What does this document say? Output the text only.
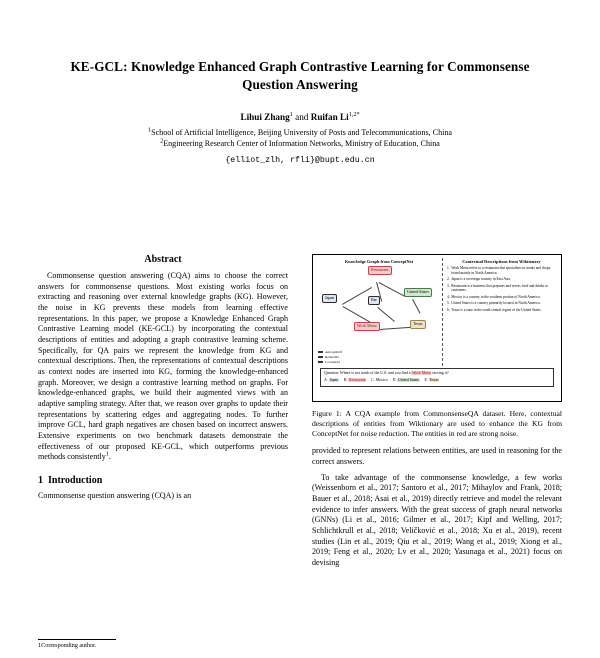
KE-GCL: Knowledge Enhanced Graph Contrastive Learning for Commonsense Question Answering
Lihui Zhang$^1$ and Ruifan $Li^{1,2*}$
$^1$School of Artificial Intelligence, Beijing University of Posts and Telecommunications, China
$^2$Engineering Research Center of Information Networks, Ministry of Education, China
{elliot_zlh, rfli}@bupt.edu.cn
Abstract

Commonsense question answering (CQA) aims to choose the correct answers for commonsense questions. Most existing works focus on extracting and reasoning over external knowledge graphs (KG). However, the noise in KG prevents these models from learning effective representations. In this paper, we propose a Knowledge Enhanced Graph Contrastive Learning model (KE-GCL) by incorporating the contextual descriptions of entities and adopting a graph contrastive learning scheme. Specifically, for QA pairs we represent the knowledge from KG and contextual descriptions. Then, the representations of contextual descriptions as context nodes are inserted into KG, forming the knowledge-enhanced graph. Moreover, we design a contrastive learning method on graphs. For knowledge-enhanced graphs, we build their augmented views with an adaptive sampling strategy. After that, we reason over graphs to update their representations by scattering edges and aggregating nodes. To further improve GCL, hard graph negatives are chosen based on incorrect answers. Extensive experiments on two benchmark datasets demonstrate the effectiveness of our proposed KE-GCL, which outperforms previous methods consistently$^1$.

1 Introduction

Commonsense question answering (CQA) is an

Knowledge Graph from ConceptNet
Restaurant
Japan	Bar
United States
Work Menu	Texas
AntonymOf
RelatedTo
LocatedAt
Contextual Descriptions from Wiktionary
1. Work Menu refers to a restaurant that specializes in steaks and chops, found mainly in North America.
2. Japan is a sovereign country in East Asia.
3. Restaurant is a business that prepares and serves food and drinks to customers.
4. Mexico is a country in the southern portion of North America.
5. United States is a country primarily located in North America.
6. Texas is a state in the south central region of the United States.
Question: Where is not south of the U.S. and you find a Work Menu serving it?
A. Japan B. Restaurant C. Mexico D. United States E. Texas
Figure 1: A CQA example from CommonsenseQA dataset. Here, contextual descriptions of entities from Wiktionary are used to enhance the KG from ConceptNet for noise reduction. The entities in red are strong noise.

provided to represent relations between entities, are used in reasoning for the correct answers.

To take advantage of the commonsense knowledge, a few works (Weissenborn et al., 2017; Santoro et al., 2017; Mihaylov and Frank, 2018; Bauer et al., 2018; Asai et al., 2019) directly retrieve and model the relevant evidence to infer answers. With the great success of graph neural networks (GNNs) (Li et al., 2016; Gilmer et al., 2017; Kipf and Welling, 2017; Schlichtkrull et al., 2018; Veličković et al., 2018; Xu et al., 2019), recent studies (Lin et al., 2019; Qiu et al., 2019; Wang et al., 2019; Xiong et al., 2019; Feng et al., 2020; Lv et al., 2020; Yasunaga et al., 2021) focus on devising

1Corresponding author.
